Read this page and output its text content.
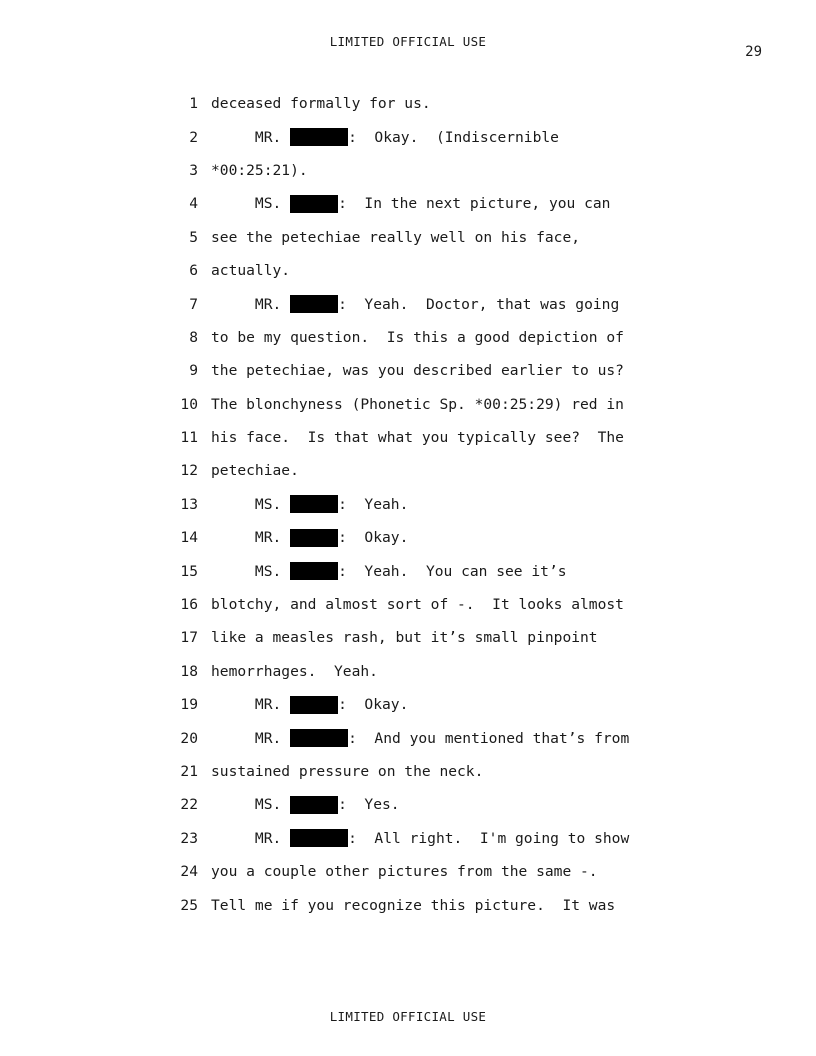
LIMITED OFFICIAL USE
29
1 deceased formally for us.
2 MR.	:  Okay.  (Indiscernible
3 *00:25:21).
4 MS.	:  In the next picture, you can
5 see the petechiae really well on his face,
6 actually.
7 MR.	:  Yeah.  Doctor, that was going
8 to be my question.  Is this a good depiction of
9 the petechiae, was you described earlier to us?
10 The blonchyness (Phonetic Sp. *00:25:29) red in
11 his face.  Is that what you typically see?  The
12 petechiae.
13 MS.	:  Yeah.
14 MR.	:  Okay.
15 MS.	:  Yeah.  You can see it’s
16 blotchy, and almost sort of -.  It looks almost
17 like a measles rash, but it’s small pinpoint
18 hemorrhages.  Yeah.
19 MR.	:  Okay.
20 MR.	:  And you mentioned that’s from
21 sustained pressure on the neck.
22 MS.	:  Yes.
23 MR.	:  All right.  I'm going to show
24 you a couple other pictures from the same -.
25 Tell me if you recognize this picture.  It was
LIMITED OFFICIAL USE
